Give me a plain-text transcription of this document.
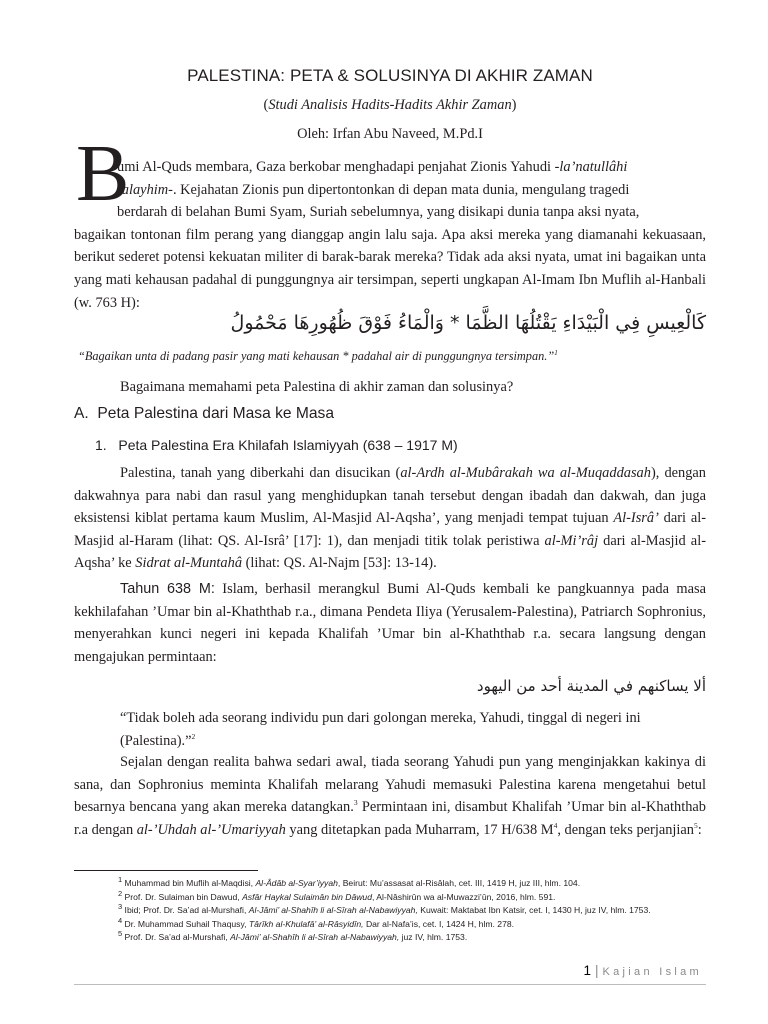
PALESTINA: PETA & SOLUSINYA DI AKHIR ZAMAN

(Studi Analisis Hadits-Hadits Akhir Zaman)

Oleh: Irfan Abu Naveed, M.Pd.I

B

umi Al-Quds membara, Gaza berkobar menghadapi penjahat Zionis Yahudi -la’natullâhi
’alayhim-. Kejahatan Zionis pun dipertontonkan di depan mata dunia, mengulang tragedi
berdarah di belahan Bumi Syam, Suriah sebelumnya, yang disikapi dunia tanpa aksi nyata,
bagaikan tontonan film perang yang dianggap angin lalu saja. Apa aksi mereka yang diamanahi kekuasaan, berikut sederet potensi kekuatan militer di barak-barak mereka? Tidak ada aksi nyata, umat ini bagaikan unta yang mati kehausan padahal di punggungnya air tersimpan, seperti ungkapan Al-Imam Ibn Muflih al-Hanbali (w. 763 H):

كَالْعِيسِ فِي الْبَيْدَاءِ يَقْتُلُهَا الظَّمَا * وَالْمَاءُ فَوْقَ ظُهُورِهَا مَحْمُولُ

“Bagaikan unta di padang pasir yang mati kehausan * padahal air di punggungnya tersimpan.”$^1$

Bagaimana memahami peta Palestina di akhir zaman dan solusinya?

A. Peta Palestina dari Masa ke Masa

1. Peta Palestina Era Khilafah Islamiyyah (638 – 1917 M)

Palestina, tanah yang diberkahi dan disucikan (al-Ardh al-Mubârakah wa al-Muqaddasah), dengan dakwahnya para nabi dan rasul yang menghidupkan tanah tersebut dengan ibadah dan dakwah, dan juga eksistensi kiblat pertama kaum Muslim, Al-Masjid Al-Aqsha’, yang menjadi tempat tujuan Al-Isrâ’ dari al-Masjid al-Haram (lihat: QS. Al-Isrâ’ [17]: 1), dan menjadi titik tolak peristiwa al-Mi’râj dari al-Masjid al-Aqsha’ ke Sidrat al-Muntahâ (lihat: QS. Al-Najm [53]: 13-14).

Tahun 638 M: Islam, berhasil merangkul Bumi Al-Quds kembali ke pangkuannya pada masa kekhilafahan ’Umar bin al-Khaththab r.a., dimana Pendeta Iliya (Yerusalem-Palestina), Patriarch Sophronius, menyerahkan kunci negeri ini kepada Khalifah ’Umar bin al-Khaththab r.a. secara langsung dengan mengajukan permintaan:

ألا يساكنهم في المدينة أحد من اليهود

“Tidak boleh ada seorang individu pun dari golongan mereka, Yahudi, tinggal di negeri ini (Palestina).”$^2$

Sejalan dengan realita bahwa sedari awal, tiada seorang Yahudi pun yang menginjakkan kakinya di sana, dan Sophronius meminta Khalifah melarang Yahudi memasuki Palestina karena mengetahui betul besarnya bencana yang akan mereka datangkan.$^3$ Permintaan ini, disambut Khalifah ’Umar bin al-Khaththab r.a dengan al-’Uhdah al-’Umariyyah yang ditetapkan pada Muharram, 17 H/638 $M^4$, dengan teks perjanjian$^5$:

$^1$ Muhammad bin Muflih al-Maqdisi, Al-Âdâb al-Syar’iyyah, Beirut: Mu’assasat al-Risâlah, cet. III, 1419 H, juz III, hlm. 104.

$^2$ Prof. Dr. Sulaiman bin Dawud, Asfâr Haykal Sulaimân bin Dâwud, Al-Nâshirûn wa al-Muwazzi’ûn, 2016, hlm. 591.

$^3$ Ibid; Prof. Dr. Sa’ad al-Murshafi, Al-Jâmi’ al-Shahîh li al-Sîrah al-Nabawiyyah, Kuwait: Maktabat Ibn Katsir, cet. I, 1430 H, juz IV, hlm. 1753.

$^4$ Dr. Muhammad Suhail Thaqusy, Târîkh al-Khulafâ’ al-Râsyidîn, Dar al-Nafa’is, cet. I, 1424 H, hlm. 278.

$^5$ Prof. Dr. Sa’ad al-Murshafi, Al-Jâmi’ al-Shahîh li al-Sîrah al-Nabawiyyah, juz IV, hlm. 1753.

1 | Kajian Islam
